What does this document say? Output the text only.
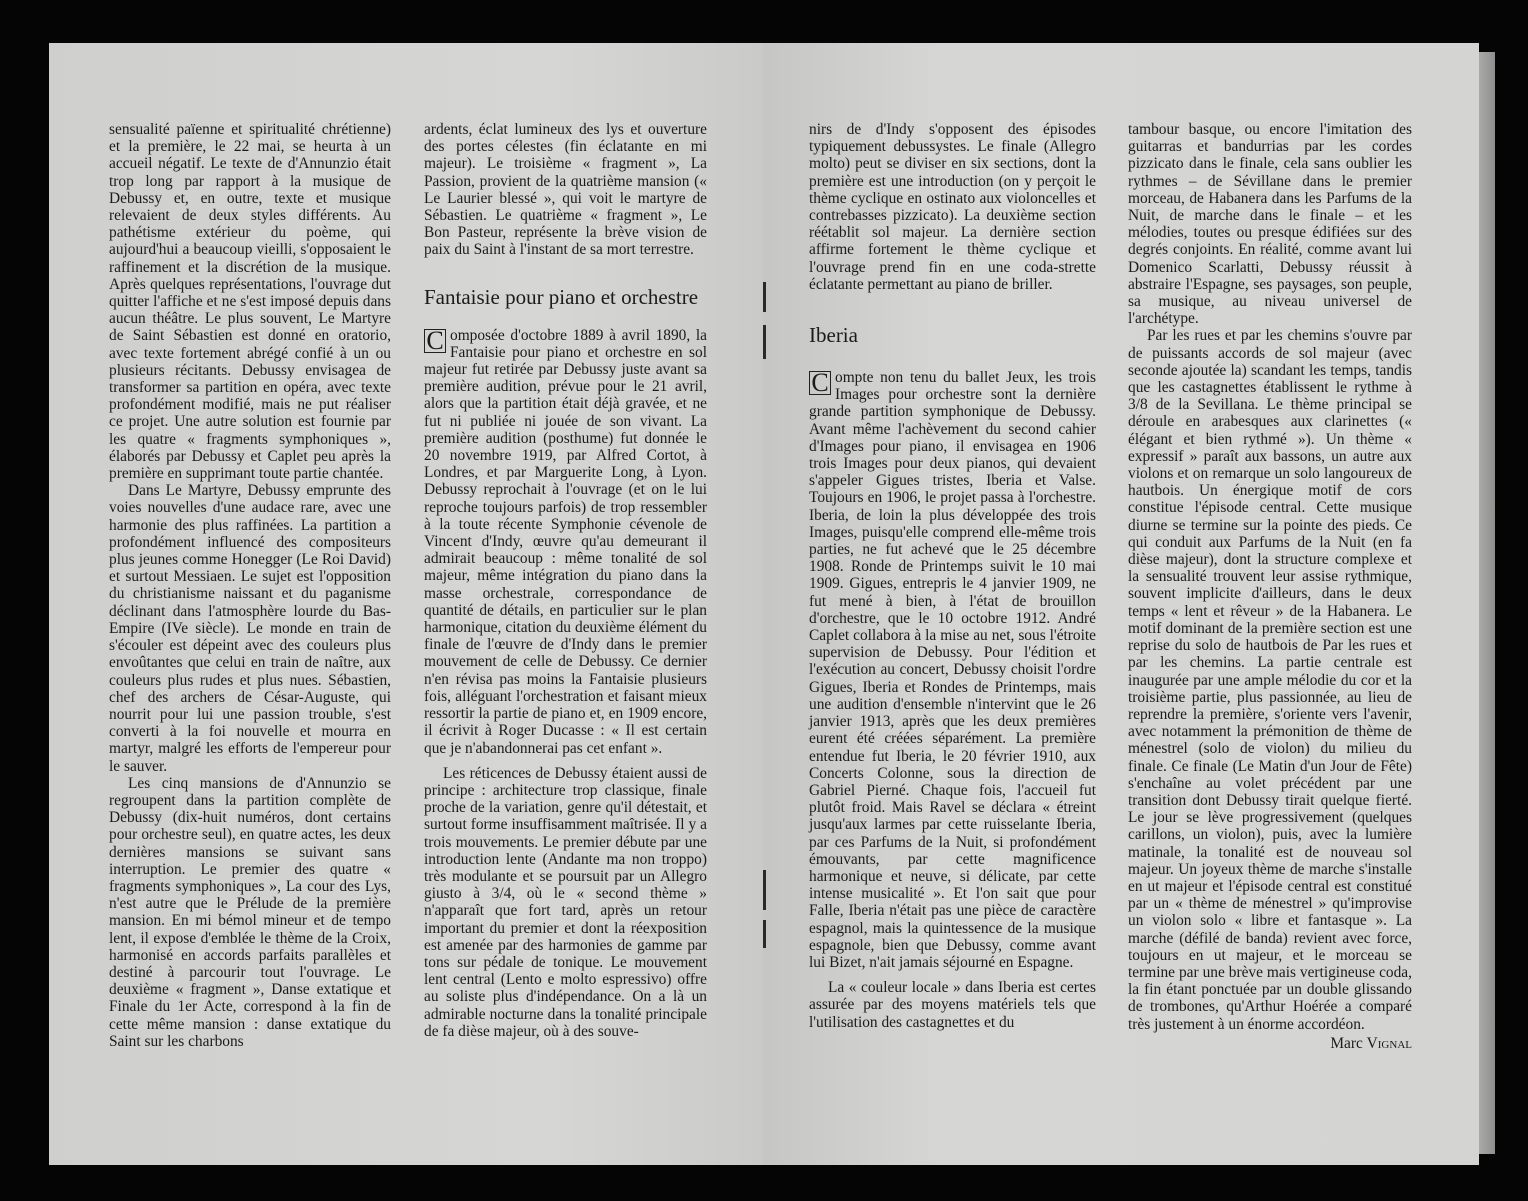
sensualité païenne et spiritualité chrétienne) et la première, le 22 mai, se heurta à un accueil négatif. Le texte de d'Annunzio était trop long par rapport à la musique de Debussy et, en outre, texte et musique relevaient de deux styles différents. Au pathétisme extérieur du poème, qui aujourd'hui a beaucoup vieilli, s'opposaient le raffinement et la discrétion de la musique. Après quelques représentations, l'ouvrage dut quitter l'affiche et ne s'est imposé depuis dans aucun théâtre. Le plus souvent, Le Martyre de Saint Sébastien est donné en oratorio, avec texte fortement abrégé confié à un ou plusieurs récitants. Debussy envisagea de transformer sa partition en opéra, avec texte profondément modifié, mais ne put réaliser ce projet. Une autre solution est fournie par les quatre « fragments symphoniques », élaborés par Debussy et Caplet peu après la première en supprimant toute partie chantée.

Dans Le Martyre, Debussy emprunte des voies nouvelles d'une audace rare, avec une harmonie des plus raffinées. La partition a profondément influencé des compositeurs plus jeunes comme Honegger (Le Roi David) et surtout Messiaen. Le sujet est l'opposition du christianisme naissant et du paganisme déclinant dans l'atmosphère lourde du Bas-Empire (IVe siècle). Le monde en train de s'écouler est dépeint avec des couleurs plus envoûtantes que celui en train de naître, aux couleurs plus rudes et plus nues. Sébastien, chef des archers de César-Auguste, qui nourrit pour lui une passion trouble, s'est converti à la foi nouvelle et mourra en martyr, malgré les efforts de l'empereur pour le sauver.

Les cinq mansions de d'Annunzio se regroupent dans la partition complète de Debussy (dix-huit numéros, dont certains pour orchestre seul), en quatre actes, les deux dernières mansions se suivant sans interruption. Le premier des quatre « fragments symphoniques », La cour des Lys, n'est autre que le Prélude de la première mansion. En mi bémol mineur et de tempo lent, il expose d'emblée le thème de la Croix, harmonisé en accords parfaits parallèles et destiné à parcourir tout l'ouvrage. Le deuxième « fragment », Danse extatique et Finale du 1er Acte, correspond à la fin de cette même mansion : danse extatique du Saint sur les charbons

ardents, éclat lumineux des lys et ouverture des portes célestes (fin éclatante en mi majeur). Le troisième « fragment », La Passion, provient de la quatrième mansion (« Le Laurier blessé », qui voit le martyre de Sébastien. Le quatrième « fragment », Le Bon Pasteur, représente la brève vision de paix du Saint à l'instant de sa mort terrestre.

Fantaisie pour piano et orchestre

C omposée d'octobre 1889 à avril 1890, la Fantaisie pour piano et orchestre en sol majeur fut retirée par Debussy juste avant sa première audition, prévue pour le 21 avril, alors que la partition était déjà gravée, et ne fut ni publiée ni jouée de son vivant. La première audition (posthume) fut donnée le 20 novembre 1919, par Alfred Cortot, à Londres, et par Marguerite Long, à Lyon. Debussy reprochait à l'ouvrage (et on le lui reproche toujours parfois) de trop ressembler à la toute récente Symphonie cévenole de Vincent d'Indy, œuvre qu'au demeurant il admirait beaucoup : même tonalité de sol majeur, même intégration du piano dans la masse orchestrale, correspondance de quantité de détails, en particulier sur le plan harmonique, citation du deuxième élément du finale de l'œuvre de d'Indy dans le premier mouvement de celle de Debussy. Ce dernier n'en révisa pas moins la Fantaisie plusieurs fois, alléguant l'orchestration et faisant mieux ressortir la partie de piano et, en 1909 encore, il écrivit à Roger Ducasse : « Il est certain que je n'abandonnerai pas cet enfant ».

Les réticences de Debussy étaient aussi de principe : architecture trop classique, finale proche de la variation, genre qu'il détestait, et surtout forme insuffisamment maîtrisée. Il y a trois mouvements. Le premier débute par une introduction lente (Andante ma non troppo) très modulante et se poursuit par un Allegro giusto à 3/4, où le « second thème » n'apparaît que fort tard, après un retour important du premier et dont la réexposition est amenée par des harmonies de gamme par tons sur pédale de tonique. Le mouvement lent central (Lento e molto espressivo) offre au soliste plus d'indépendance. On a là un admirable nocturne dans la tonalité principale de fa dièse majeur, où à des souve-

nirs de d'Indy s'opposent des épisodes typiquement debussystes. Le finale (Allegro molto) peut se diviser en six sections, dont la première est une introduction (on y perçoit le thème cyclique en ostinato aux violoncelles et contrebasses pizzicato). La deuxième section réétablit sol majeur. La dernière section affirme fortement le thème cyclique et l'ouvrage prend fin en une coda-strette éclatante permettant au piano de briller.

Iberia

C ompte non tenu du ballet Jeux, les trois Images pour orchestre sont la dernière grande partition symphonique de Debussy. Avant même l'achèvement du second cahier d'Images pour piano, il envisagea en 1906 trois Images pour deux pianos, qui devaient s'appeler Gigues tristes, Iberia et Valse. Toujours en 1906, le projet passa à l'orchestre. Iberia, de loin la plus développée des trois Images, puisqu'elle comprend elle-même trois parties, ne fut achevé que le 25 décembre 1908. Ronde de Printemps suivit le 10 mai 1909. Gigues, entrepris le 4 janvier 1909, ne fut mené à bien, à l'état de brouillon d'orchestre, que le 10 octobre 1912. André Caplet collabora à la mise au net, sous l'étroite supervision de Debussy. Pour l'édition et l'exécution au concert, Debussy choisit l'ordre Gigues, Iberia et Rondes de Printemps, mais une audition d'ensemble n'intervint que le 26 janvier 1913, après que les deux premières eurent été créées séparément. La première entendue fut Iberia, le 20 février 1910, aux Concerts Colonne, sous la direction de Gabriel Pierné. Chaque fois, l'accueil fut plutôt froid. Mais Ravel se déclara « étreint jusqu'aux larmes par cette ruisselante Iberia, par ces Parfums de la Nuit, si profondément émouvants, par cette magnificence harmonique et neuve, si délicate, par cette intense musicalité ». Et l'on sait que pour Falle, Iberia n'était pas une pièce de caractère espagnol, mais la quintessence de la musique espagnole, bien que Debussy, comme avant lui Bizet, n'ait jamais séjourné en Espagne.

La « couleur locale » dans Iberia est certes assurée par des moyens matériels tels que l'utilisation des castagnettes et du

tambour basque, ou encore l'imitation des guitarras et bandurrias par les cordes pizzicato dans le finale, cela sans oublier les rythmes – de Sévillane dans le premier morceau, de Habanera dans les Parfums de la Nuit, de marche dans le finale – et les mélodies, toutes ou presque édifiées sur des degrés conjoints. En réalité, comme avant lui Domenico Scarlatti, Debussy réussit à abstraire l'Espagne, ses paysages, son peuple, sa musique, au niveau universel de l'archétype.

Par les rues et par les chemins s'ouvre par de puissants accords de sol majeur (avec seconde ajoutée la) scandant les temps, tandis que les castagnettes établissent le rythme à 3/8 de la Sevillana. Le thème principal se déroule en arabesques aux clarinettes (« élégant et bien rythmé »). Un thème « expressif » paraît aux bassons, un autre aux violons et on remarque un solo langoureux de hautbois. Un énergique motif de cors constitue l'épisode central. Cette musique diurne se termine sur la pointe des pieds. Ce qui conduit aux Parfums de la Nuit (en fa dièse majeur), dont la structure complexe et la sensualité trouvent leur assise rythmique, souvent implicite d'ailleurs, dans le deux temps « lent et rêveur » de la Habanera. Le motif dominant de la première section est une reprise du solo de hautbois de Par les rues et par les chemins. La partie centrale est inaugurée par une ample mélodie du cor et la troisième partie, plus passionnée, au lieu de reprendre la première, s'oriente vers l'avenir, avec notamment la prémonition de thème de ménestrel (solo de violon) du milieu du finale. Ce finale (Le Matin d'un Jour de Fête) s'enchaîne au volet précédent par une transition dont Debussy tirait quelque fierté. Le jour se lève progressivement (quelques carillons, un violon), puis, avec la lumière matinale, la tonalité est de nouveau sol majeur. Un joyeux thème de marche s'installe en ut majeur et l'épisode central est constitué par un « thème de ménestrel » qu'improvise un violon solo « libre et fantasque ». La marche (défilé de banda) revient avec force, toujours en ut majeur, et le morceau se termine par une brève mais vertigineuse coda, la fin étant ponctuée par un double glissando de trombones, qu'Arthur Hoérée a comparé très justement à un énorme accordéon.

Marc Vignal
